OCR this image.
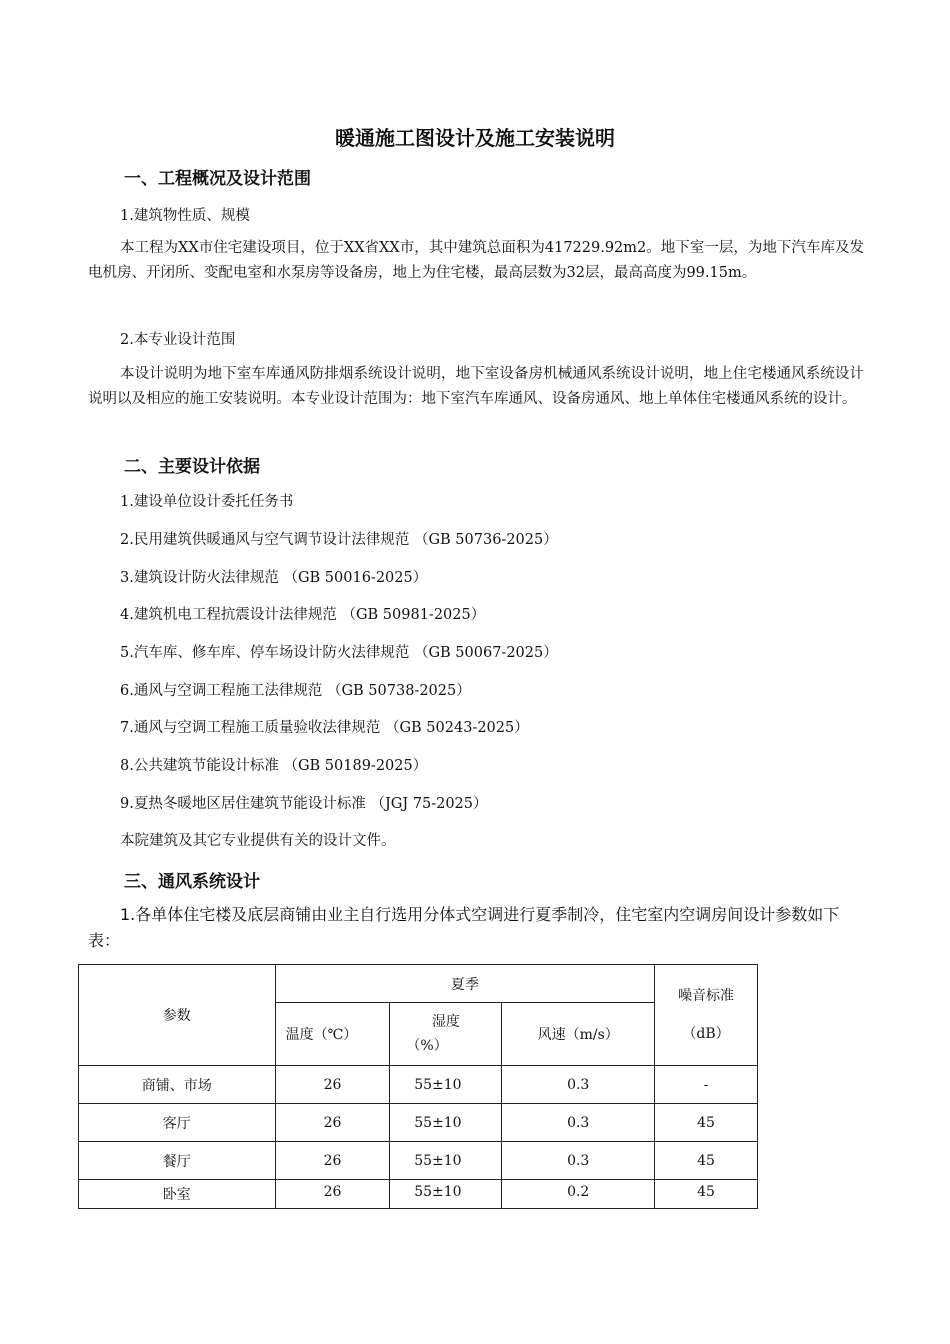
暖通施工图设计及施工安装说明
一、工程概况及设计范围
1.建筑物性质、规模
本工程为XX市住宅建设项目，位于XX省XX市，其中建筑总面积为417229.92m2。地下室一层，为地下汽车库及发电机房、开闭所、变配电室和水泵房等设备房，地上为住宅楼，最高层数为32层，最高高度为99.15m。
2.本专业设计范围
本设计说明为地下室车库通风防排烟系统设计说明，地下室设备房机械通风系统设计说明，地上住宅楼通风系统设计说明以及相应的施工安装说明。本专业设计范围为：地下室汽车库通风、设备房通风、地上单体住宅楼通风系统的设计。
二、主要设计依据
1.建设单位设计委托任务书
2.民用建筑供暖通风与空气调节设计法律规范 （GB 50736-2025）
3.建筑设计防火法律规范 （GB 50016-2025）
4.建筑机电工程抗震设计法律规范 （GB 50981-2025）
5.汽车库、修车库、停车场设计防火法律规范 （GB 50067-2025）
6.通风与空调工程施工法律规范 （GB 50738-2025）
7.通风与空调工程施工质量验收法律规范 （GB 50243-2025）
8.公共建筑节能设计标准 （GB 50189-2025）
9.夏热冬暖地区居住建筑节能设计标准 （JGJ 75-2025）
本院建筑及其它专业提供有关的设计文件。
三、通风系统设计
1.各单体住宅楼及底层商铺由业主自行选用分体式空调进行夏季制冷，住宅室内空调房间设计参数如下表：
参数	夏季			噪音标准
（dB）

	温度（℃）	湿度
（%）	风速（m/s）	
商铺、市场	26	55±10	0.3	-
客厅	26	55±10	0.3	45
餐厅	26	55±10	0.3	45
卧室	26	55±10	0.2	45
